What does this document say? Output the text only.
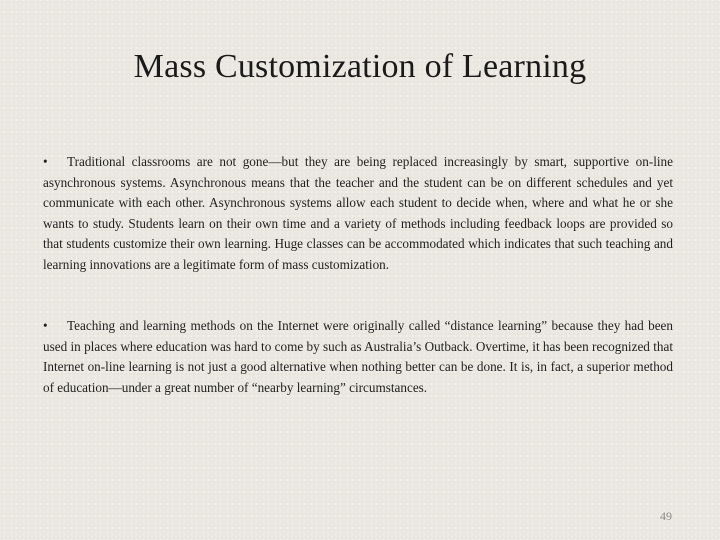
Mass Customization of Learning

• Traditional classrooms are not gone—but they are being replaced increasingly by smart, supportive on-line asynchronous systems. Asynchronous means that the teacher and the student can be on different schedules and yet communicate with each other. Asynchronous systems allow each student to decide when, where and what he or she wants to study. Students learn on their own time and a variety of methods including feedback loops are provided so that students customize their own learning. Huge classes can be accommodated which indicates that such teaching and learning innovations are a legitimate form of mass customization.

• Teaching and learning methods on the Internet were originally called “distance learning” because they had been used in places where education was hard to come by such as Australia’s Outback. Overtime, it has been recognized that Internet on-line learning is not just a good alternative when nothing better can be done. It is, in fact, a superior method of education—under a great number of “nearby learning” circumstances.

49
